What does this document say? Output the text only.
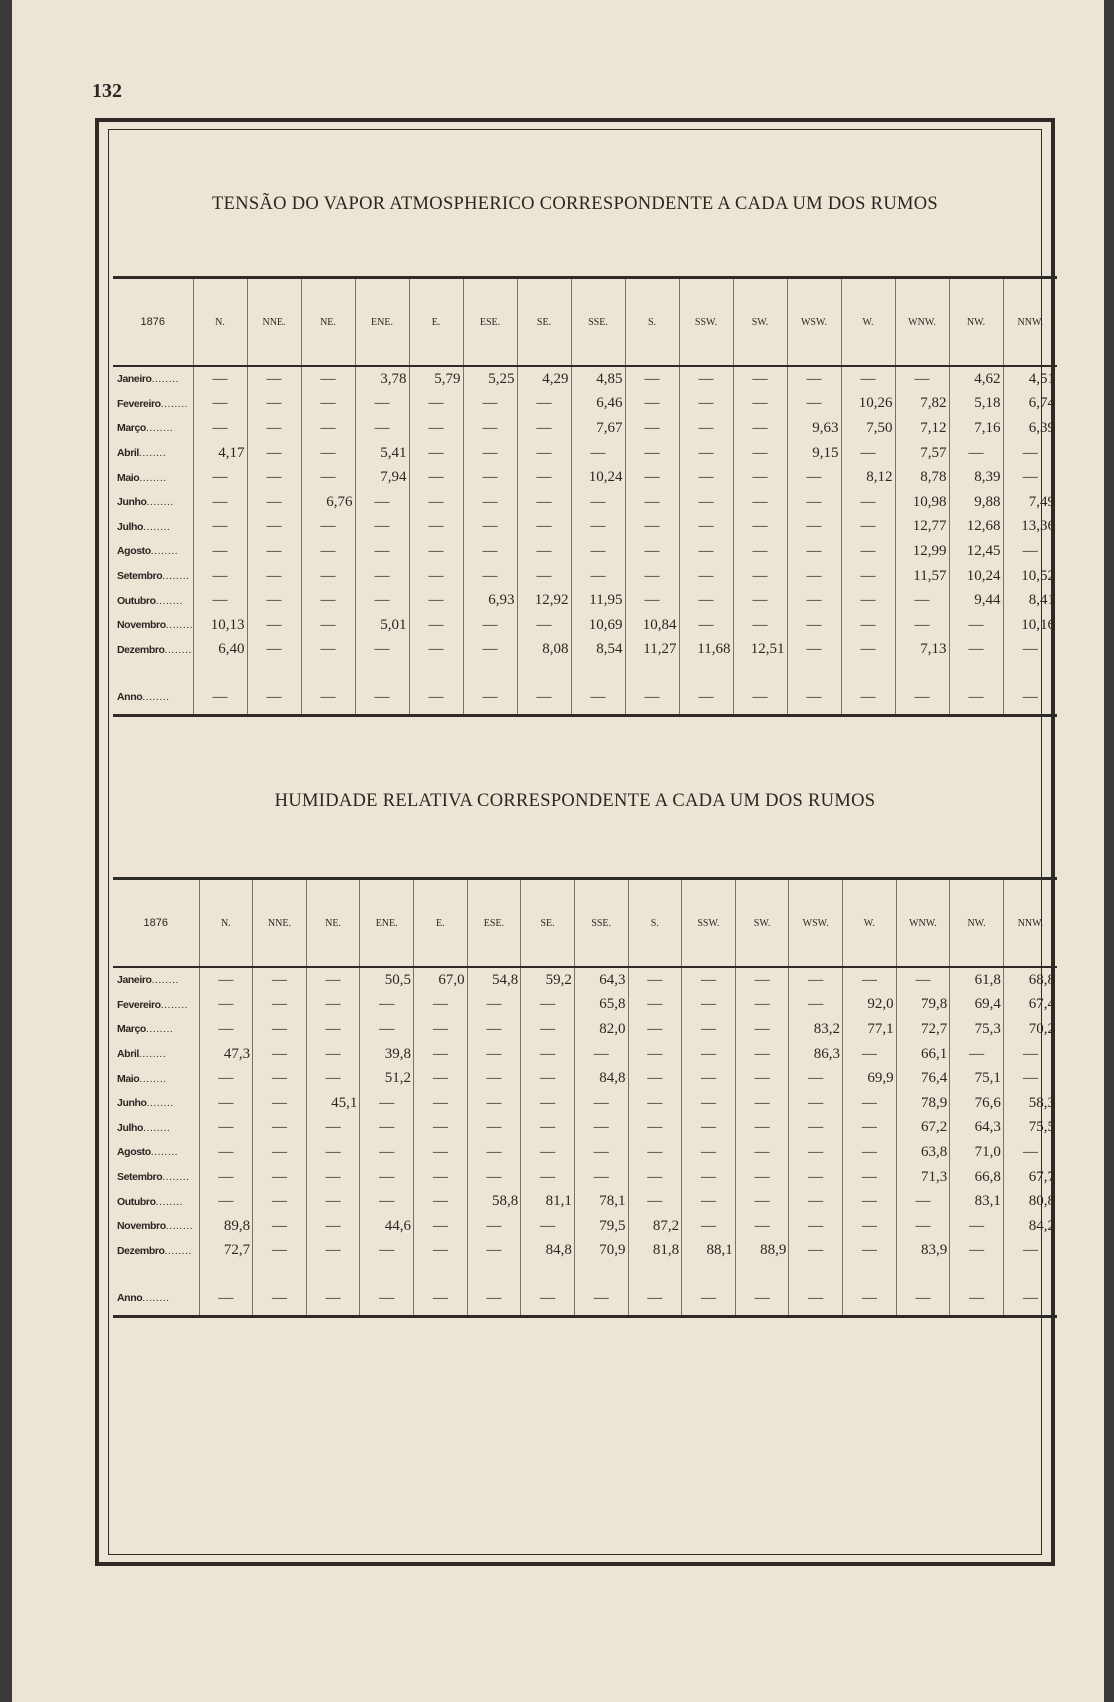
132
TENSÃO DO VAPOR ATMOSPHERICO CORRESPONDENTE A CADA UM DOS RUMOS
1876	N.	NNE.	NE.	ENE.	E.	ESE.	SE.	SSE.	S.	SSW.	SW.	WSW.	W.	WNW.	NW.	NNW.
Janeiro ........	—	—	—	3,78	5,79	5,25	4,29	4,85	—	—	—	—	—	—	4,62	4,51
Fevereiro ........	—	—	—	—	—	—	—	6,46	—	—	—	—	10,26	7,82	5,18	6,74
Março ........	—	—	—	—	—	—	—	7,67	—	—	—	9,63	7,50	7,12	7,16	6,39
Abril ........	4,17	—	—	5,41	—	—	—	—	—	—	—	9,15	—	7,57	—	—
Maio ........	—	—	—	7,94	—	—	—	10,24	—	—	—	—	8,12	8,78	8,39	—
Junho ........	—	—	6,76	—	—	—	—	—	—	—	—	—	—	10,98	9,88	7,49
Julho ........	—	—	—	—	—	—	—	—	—	—	—	—	—	12,77	12,68	13,36
Agosto ........	—	—	—	—	—	—	—	—	—	—	—	—	—	12,99	12,45	—
Setembro ........	—	—	—	—	—	—	—	—	—	—	—	—	—	11,57	10,24	10,52
Outubro ........	—	—	—	—	—	6,93	12,92	11,95	—	—	—	—	—	—	9,44	8,41
Novembro ........	10,13	—	—	5,01	—	—	—	10,69	10,84	—	—	—	—	—	—	10,16
Dezembro ........	6,40	—	—	—	—	—	8,08	8,54	11,27	11,68	12,51	—	—	7,13	—	—

Anno ........	—	—	—	—	—	—	—	—	—	—	—	—	—	—	—	—
HUMIDADE RELATIVA CORRESPONDENTE A CADA UM DOS RUMOS
1876	N.	NNE.	NE.	ENE.	E.	ESE.	SE.	SSE.	S.	SSW.	SW.	WSW.	W.	WNW.	NW.	NNW.
Janeiro ........	—	—	—	50,5	67,0	54,8	59,2	64,3	—	—	—	—	—	—	61,8	68,8
Fevereiro ........	—	—	—	—	—	—	—	65,8	—	—	—	—	92,0	79,8	69,4	67,4
Março ........	—	—	—	—	—	—	—	82,0	—	—	—	83,2	77,1	72,7	75,3	70,2
Abril ........	47,3	—	—	39,8	—	—	—	—	—	—	—	86,3	—	66,1	—	—
Maio ........	—	—	—	51,2	—	—	—	84,8	—	—	—	—	69,9	76,4	75,1	—
Junho ........	—	—	45,1	—	—	—	—	—	—	—	—	—	—	78,9	76,6	58,3
Julho ........	—	—	—	—	—	—	—	—	—	—	—	—	—	67,2	64,3	75,5
Agosto ........	—	—	—	—	—	—	—	—	—	—	—	—	—	63,8	71,0	—
Setembro ........	—	—	—	—	—	—	—	—	—	—	—	—	—	71,3	66,8	67,7
Outubro ........	—	—	—	—	—	58,8	81,1	78,1	—	—	—	—	—	—	83,1	80,8
Novembro ........	89,8	—	—	44,6	—	—	—	79,5	87,2	—	—	—	—	—	—	84,2
Dezembro ........	72,7	—	—	—	—	—	84,8	70,9	81,8	88,1	88,9	—	—	83,9	—	—

Anno ........	—	—	—	—	—	—	—	—	—	—	—	—	—	—	—	—
